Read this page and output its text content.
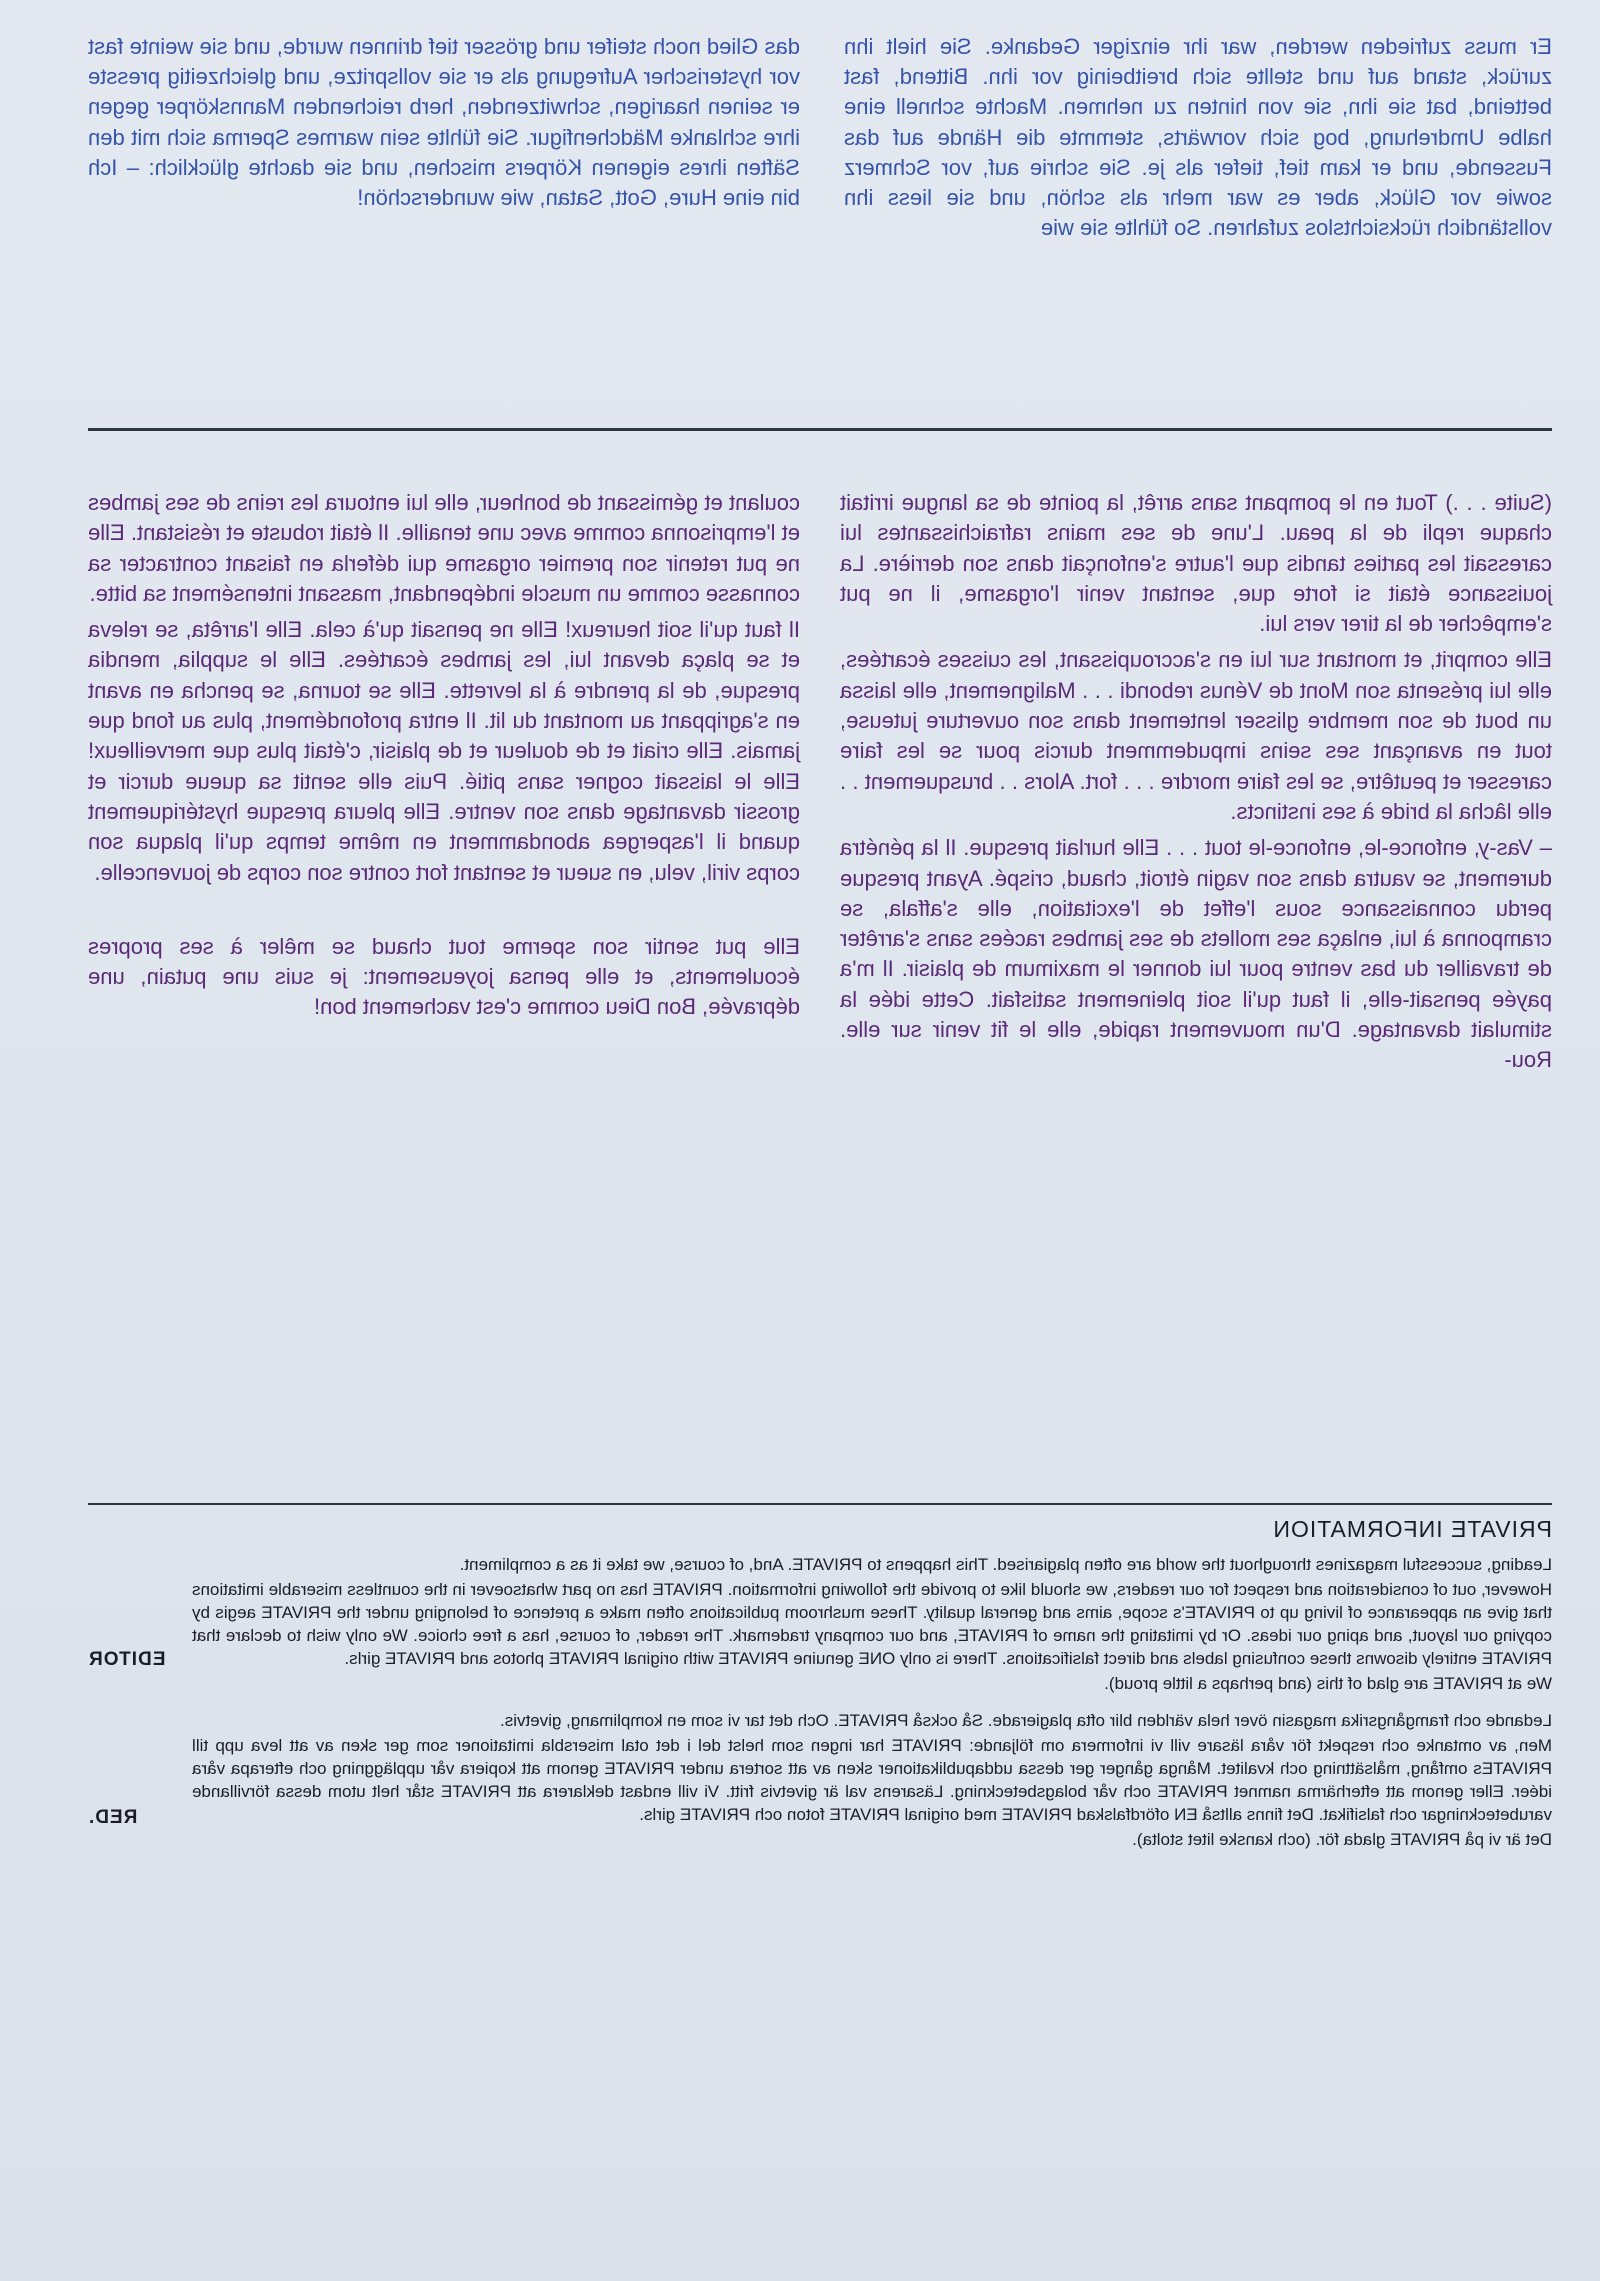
Er muss zufrieden werden, war ihr einziger Gedanke. Sie hielt ihn zurück, stand auf und stellte sich breitbeinig vor ihn. Bittend, fast betteind, bat sie ihn, sie von hinten zu nehmen. Machte schnell eine halbe Umdrehung, bog sich vorwärts, stemmte die Hände auf das Fussende, und er kam tief, tiefer als je. Sie schrie auf, vor Schmerz sowie vor Glück, aber es war mehr als schön, und sie liess ihn vollständich rücksichtslos zufahren. So fühlte sie wie

das Glied noch steifer und grösser tief drinnen wurde, und sie weinte fast vor hysterischer Aufregung als er sie vollspritze, und gleichzeitig presste er seinen haarigen, schwitzenden, herb reichenden Mannskörper gegen ihre schlanke Mädchenfigur. Sie fühlte sein warmes Sperma sich mit den Säften ihres eigenen Körpers mischen, und sie dachte glücklich: – Ich bin eine Hure, Gott, Satan, wie wunderschön!

(Suite . . .) Tout en le pompant sans arrêt, la pointe de sa langue irritait chaque repli de la peau. L'une de ses mains rafraichissantes lui caressait les parties tandis que l'autre s'enfonçait dans son derrière. La jouissance était si forte que, sentant venir l'orgasme, il ne put s'empêcher de la tirer vers lui.

Elle comprit, et montant sur lui en s'accroupissant, les cuisses écartées, elle lui présenta son Mont de Vénus rebondi . . . Malignement, elle laissa un bout de son membre glisser lentement dans son ouverture juteuse, tout en avançant ses seins impudemment durcis pour se les faire caresser et peutêtre, se les faire mordre . . . fort. Alors . . brusquement . . elle lâcha la bride à ses instincts.

– Vas-y, enfonce-le, enfonce-le tout . . . Elle hurlait presque. Il la pénétra durement, se vautra dans son vagin étroit, chaud, crispé. Ayant presque perdu connaissance sous l'effet de l'excitation, elle s'affala, se cramponna à lui, enlaça ses mollets de ses jambes racées sans s'arrêter de travailler du bas ventre pour lui donner le maximum de plaisir. Il m'a payée pensait-elle, il faut qu'il soit pleinement satisfait. Cette idée la stimulait davantage. D'un mouvement rapide, elle le fit venir sur elle. Rou-

coulant et gémissant de bonheur, elle lui entoura les reins de ses jambes et l'emprisonna comme avec une tenaille. Il était robuste et résistant. Elle ne put retenir son premier orgasme qui déferla en faisant contracter sa connasse comme un muscle indépendant, massant intensément sa bitte.

Il faut qu'il soit heureux! Elle ne pensait qu'à cela. Elle l'arrêta, se releva et se plaça devant lui, les jambes écartées. Elle le supplia, mendia presque, de la prendre à la levrette. Elle se tourna, se pencha en avant en s'agrippant au montant du lit. Il entra profondément, plus au fond que jamais. Elle criait et de douleur et de plaisir, c'était plus que merveilleux! Elle le laissait cogner sans pitié. Puis elle sentit sa queue durcir et grossir davantage dans son ventre. Elle pleura presque hystériquement quand il l'aspergea abondamment en même temps qu'il plaqua son corps viril, velu, en sueur et sentant fort contre son corps de jouvencelle.

Elle put sentir son sperme tout chaud se mêler à ses propres écoulements, et elle pensa joyeusement: je suis une putain, une dépravée, Bon Dieu comme c'est vachement bon!

PRIVATE INFORMATION

Leading, successful magazines throughout the world are often plagiarised. This happens to PRIVATE. And, of course, we take it as a compliment.

However, out of consideration and respect for our readers, we should like to provide the following information. PRIVATE has no part whatsoever in the countless miserable imitations that give an appearance of living up to PRIVATE's scope, aims and general quality. These mushroom publications often make a pretence of belonging under the PRIVATE aegis by copying our layout, and aping our ideas. Or by imitating the name of PRIVATE, and our company trademark. The reader, of course, has a free choice. We only wish to declare that PRIVATE entirely disowns these confusing labels and direct falsifications. There is only ONE genuine PRIVATE with original PRIVATE photos and PRIVATE girls.

We at PRIVATE are glad of this (and perhaps a little proud).

EDITOR

Ledande och framgångsrika magasin över hela världen blir ofta plagierade. Så också PRIVATE. Och det tar vi som en komplimang, givetvis.

Men, av omtanke och respekt för våra läsare vill vi informera om följande: PRIVATE har ingen som helst del i det otal misersbla imitationer som ger sken av att leva upp till PRIVATEs omfång, målsättning och kvalitet. Många gånger ger dessa uddapublikationer sken av att sortera under PRIVATE genom att kopiera vår uppläggning och efterapa våra idéer. Eller genom att efterhärma namnet PRIVATE och vår bolagsbeteckning. Läsarens val är givetvis fritt. Vi vill endast deklarera att PRIVATE står helt utom dessa förvillande varubeteckningar och falsifikat. Det finns alltså EN ofördfalskad PRIVATE med original PRIVATE foton och PRIVATE girls.

Det är vi på PRIVATE glada för. (och kanske litet stolta).

RED.
